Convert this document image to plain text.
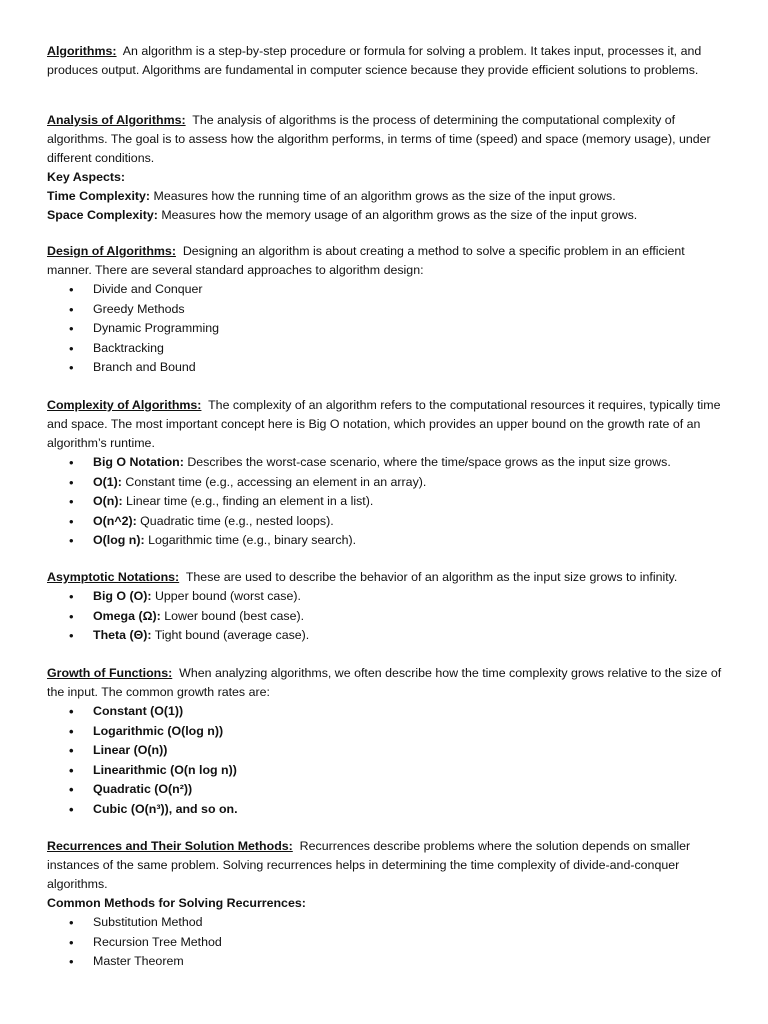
Algorithms: An algorithm is a step-by-step procedure or formula for solving a problem. It takes input, processes it, and produces output. Algorithms are fundamental in computer science because they provide efficient solutions to problems.

Analysis of Algorithms: The analysis of algorithms is the process of determining the computational complexity of algorithms. The goal is to assess how the algorithm performs, in terms of time (speed) and space (memory usage), under different conditions.

Key Aspects:

Time Complexity: Measures how the running time of an algorithm grows as the size of the input grows.

Space Complexity: Measures how the memory usage of an algorithm grows as the size of the input grows.

Design of Algorithms: Designing an algorithm is about creating a method to solve a specific problem in an efficient manner. There are several standard approaches to algorithm design:

• Divide and Conquer
• Greedy Methods
• Dynamic Programming
• Backtracking
• Branch and Bound

Complexity of Algorithms: The complexity of an algorithm refers to the computational resources it requires, typically time and space. The most important concept here is Big O notation, which provides an upper bound on the growth rate of an algorithm’s runtime.

• Big O Notation: Describes the worst-case scenario, where the time/space grows as the input size grows.
• O(1): Constant time (e.g., accessing an element in an array).
• O(n): Linear time (e.g., finding an element in a list).
• O(n^2): Quadratic time (e.g., nested loops).
• O(log n): Logarithmic time (e.g., binary search).

Asymptotic Notations: These are used to describe the behavior of an algorithm as the input size grows to infinity.

• Big O (O): Upper bound (worst case).
• Omega (Ω): Lower bound (best case).
• Theta (Θ): Tight bound (average case).

Growth of Functions: When analyzing algorithms, we often describe how the time complexity grows relative to the size of the input. The common growth rates are:

• Constant (O(1))
• Logarithmic (O(log n))
• Linear (O(n))
• Linearithmic (O(n log n))
• Quadratic (O(n²))
• Cubic (O(n³)), and so on.

Recurrences and Their Solution Methods: Recurrences describe problems where the solution depends on smaller instances of the same problem. Solving recurrences helps in determining the time complexity of divide-and-conquer algorithms.

Common Methods for Solving Recurrences:

• Substitution Method
• Recursion Tree Method
• Master Theorem
